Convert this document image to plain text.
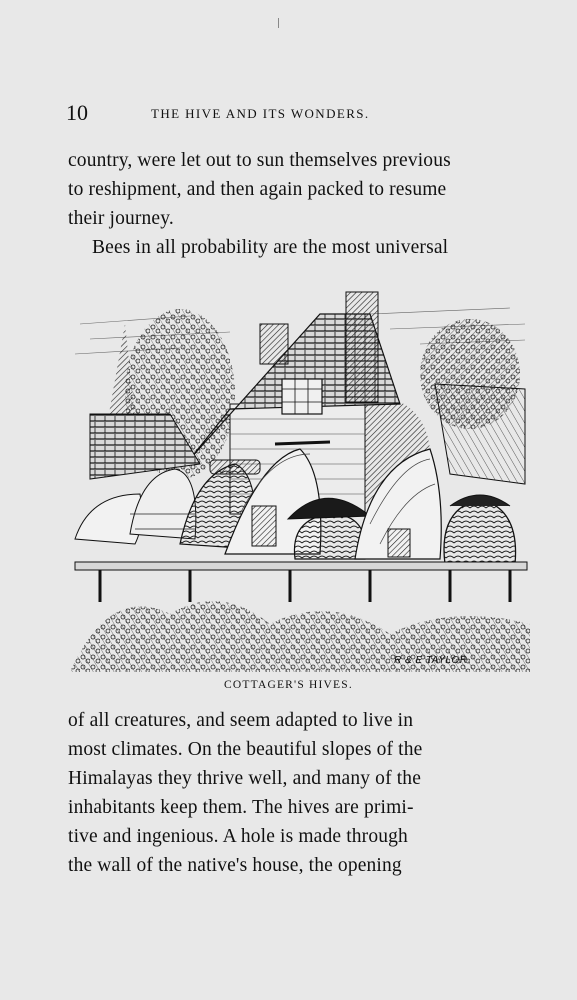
10	THE HIVE AND ITS WONDERS.
country, were let out to sun themselves previous
to reshipment, and then again packed to resume
their journey.
Bees in all probability are the most universal
R & E TAYLOR
COTTAGER'S HIVES.
of all creatures, and seem adapted to live in
most climates. On the beautiful slopes of the
Himalayas they thrive well, and many of the
inhabitants keep them. The hives are primi-
tive and ingenious. A hole is made through
the wall of the native's house, the opening
